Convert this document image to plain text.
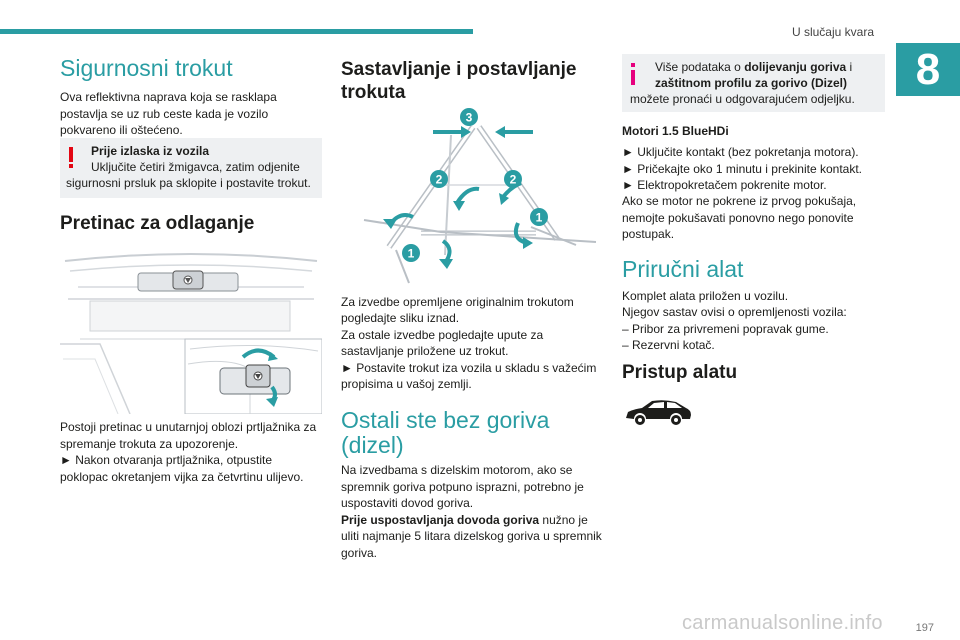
U slučaju kvara
8
Sigurnosni trokut

Ova reflektivna naprava koja se rasklapa postavlja se uz rub ceste kada je vozilo pokvareno ili oštećeno.

Prije izlaska iz vozila
Uključite četiri žmigavca, zatim odjenite
sigurnosni prsluk pa sklopite i postavite trokut.
Pretinac za odlaganje

Postoji pretinac u unutarnjoj oblozi prtljažnika za

spremanje trokuta za upozorenje.

► Nakon otvaranja prtljažnika, otpustite

poklopac okretanjem vijka za četvrtinu ulijevo.

Sastavljanje i postavljanje
trokuta
3
2	2
1
1

Za izvedbe opremljene originalnim trokutom

pogledajte sliku iznad.

Za ostale izvedbe pogledajte upute za

sastavljanje priložene uz trokut.

► Postavite trokut iza vozila u skladu s važećim

propisima u vašoj zemlji.

Ostali ste bez goriva
(dizel)

Na izvedbama s dizelskim motorom, ako se

spremnik goriva potpuno isprazni, potrebno je

uspostaviti dovod goriva.

Prije uspostavljanja dovoda goriva nužno je

uliti najmanje 5 litara dizelskog goriva u spremnik

goriva.

Više podataka o dolijevanju goriva i
zaštitnom profilu za gorivo (Dizel)
možete pronaći u odgovarajućem odjeljku.

Motori 1.5 BlueHDi

► Uključite kontakt (bez pokretanja motora).

► Pričekajte oko 1 minutu i prekinite kontakt.

► Elektropokretačem pokrenite motor.

Ako se motor ne pokrene iz prvog pokušaja,

nemojte pokušavati ponovno nego ponovite

postupak.

Priručni alat

Komplet alata priložen u vozilu.

Njegov sastav ovisi o opremljenosti vozila:

– Pribor za privremeni popravak gume.

– Rezervni kotač.

Pristup alatu
197
carmanualsonline.info
